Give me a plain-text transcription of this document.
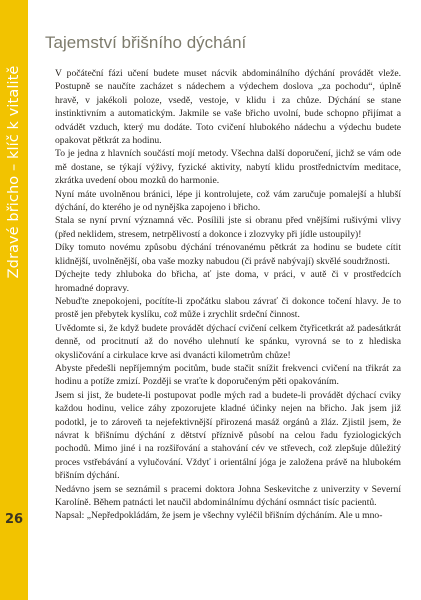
Zdravé břicho – klíč k vitalitě
26
Tajemství břišního dýchání

V počáteční fázi učení budete muset nácvik abdominálního dýchání provádět vleže. Postupně se naučíte zacházet s nádechem a výdechem doslova „za pochodu“, úplně hravě, v jakékoli poloze, vsedě, vestoje, v klidu i za chůze. Dýchání se stane instinktivním a automatickým. Jakmile se vaše břicho uvolní, bude schopno přijímat a odvádět vzduch, který mu dodáte. Toto cvičení hlubokého nádechu a výdechu budete opakovat pětkrát za hodinu.

To je jedna z hlavních součástí mojí metody. Všechna další doporučení, jichž se vám ode mě dostane, se týkají výživy, fyzické aktivity, nabytí klidu prostřednictvím meditace, zkrátka uvedení obou mozků do harmonie.

Nyní máte uvolněnou bránici, lépe ji kontrolujete, což vám zaručuje pomalejší a hlubší dýchání, do kterého je od nynějška zapojeno i břicho.

Stala se nyní první významná věc. Posílili jste si obranu před vnějšími rušivými vlivy (před neklidem, stresem, netrpělivostí a dokonce i zlozvyky při jídle ustoupily)!

Díky tomuto novému způsobu dýchání trénovanému pětkrát za hodinu se budete cítit klidnější, uvolněnější, oba vaše mozky nabudou (či právě nabývají) skvělé soudržnosti.

Dýchejte tedy zhluboka do břicha, ať jste doma, v práci, v autě či v prostředcích hromadné dopravy.

Nebuďte znepokojeni, pocítíte-li zpočátku slabou závrať či dokonce točení hlavy. Je to prostě jen přebytek kyslíku, což může i zrychlit srdeční činnost.

Uvědomte si, že když budete provádět dýchací cvičení celkem čtyřicetkrát až padesátkrát denně, od procitnutí až do nového ulehnutí ke spánku, vyrovná se to z hlediska okysličování a cirkulace krve asi dvanácti kilometrům chůze!

Abyste předešli nepříjemným pocitům, bude stačit snížit frekvenci cvičení na třikrát za hodinu a potíže zmizí. Později se vraťte k doporučeným pěti opakováním.

Jsem si jist, že budete-li postupovat podle mých rad a budete-li provádět dýchací cviky každou hodinu, velice záhy zpozorujete kladné účinky nejen na břicho. Jak jsem již podotkl, je to zároveň ta nejefektivnější přirozená masáž orgánů a žláz. Zjistil jsem, že návrat k břišnímu dýchání z dětství příznivě působí na celou řadu fyziologických pochodů. Mimo jiné i na rozšiřování a stahování cév ve střevech, což zlepšuje důležitý proces vstřebávání a vylučování. Vždyť i orientální jóga je založena právě na hlubokém břišním dýchání.

Nedávno jsem se seznámil s pracemi doktora Johna Seskevitche z univerzity v Severní Karolíně. Během patnácti let naučil abdominálnímu dýchání osmnáct tisíc pacientů.

Napsal: „Nepředpokládám, že jsem je všechny vyléčil břišním dýcháním. Ale u mno-
